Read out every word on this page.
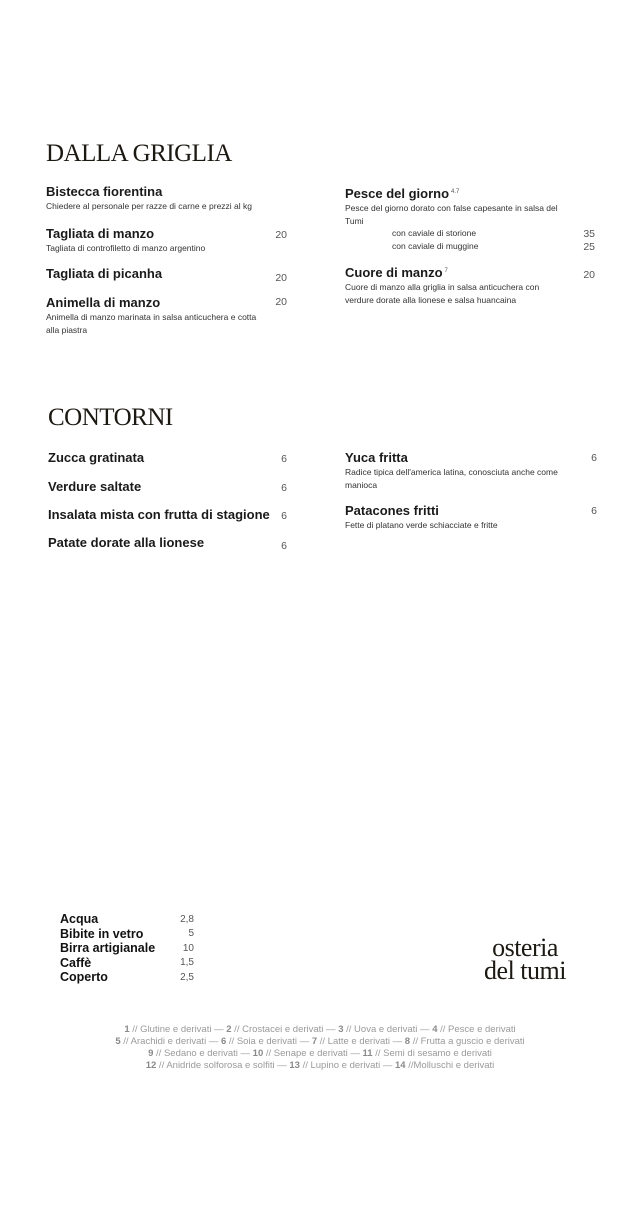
DALLA GRIGLIA
Bistecca fiorentina
Chiedere al personale per razze di carne e prezzi al kg
Tagliata di manzo
Tagliata di controfiletto di manzo argentino
20
Tagliata di picanha	20
Animella di manzo
Animella di manzo marinata in salsa anticuchera e cotta alla piastra
20
Pesce del giorno $^{4.7}$
Pesce del giorno dorato con false capesante in salsa del Tumi
con caviale di storione	35
con caviale di muggine	25
Cuore di manzo $^7$
Cuore di manzo alla griglia in salsa anticuchera con verdure dorate alla lionese e salsa huancaina
20
CONTORNI
Zucca gratinata	6
Verdure saltate	6
Insalata mista con frutta di stagione	6
Patate dorate alla lionese	6
Yuca fritta
Radice tipica dell'america latina, conosciuta anche come manioca
6
Patacones fritti
Fette di platano verde schiacciate e fritte
6
Acqua	2,8
Bibite in vetro	5
Birra artigianale	10
Caffè	1,5
Coperto	2,5
osteria
del tumi
1 // Glutine e derivati — 2 // Crostacei e derivati — 3 // Uova e derivati — 4 // Pesce e derivati
5 // Arachidi e derivati — 6 // Soia e derivati — 7 // Latte e derivati — 8 // Frutta a guscio e derivati
9 // Sedano e derivati — 10 // Senape e derivati — 11 // Semi di sesamo e derivati
12 // Anidride solforosa e solfiti — 13 // Lupino e derivati — 14 //Molluschi e derivati
